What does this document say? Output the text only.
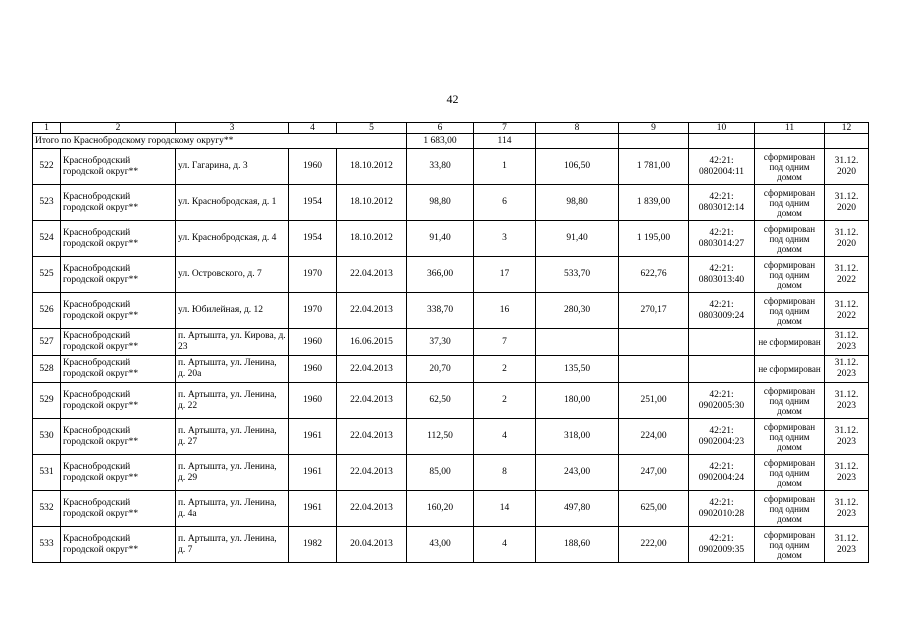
42
1	2	3	4	5	6	7	8	9	10	11	12
Итого по Краснобродскому городскому округу**					1 683,00	114					
522	Краснобродский городской округ**	ул. Гагарина, д. 3	1960	18.10.2012	33,80	1	106,50	1 781,00	42:21: 0802004:11	сформирован под одним домом	31.12. 2020
523	Краснобродский городской округ**	ул. Краснобродская, д. 1	1954	18.10.2012	98,80	6	98,80	1 839,00	42:21: 0803012:14	сформирован под одним домом	31.12. 2020
524	Краснобродский городской округ**	ул. Краснобродская, д. 4	1954	18.10.2012	91,40	3	91,40	1 195,00	42:21: 0803014:27	сформирован под одним домом	31.12. 2020
525	Краснобродский городской округ**	ул. Островского, д. 7	1970	22.04.2013	366,00	17	533,70	622,76	42:21: 0803013:40	сформирован под одним домом	31.12. 2022
526	Краснобродский городской округ**	ул. Юбилейная, д. 12	1970	22.04.2013	338,70	16	280,30	270,17	42:21: 0803009:24	сформирован под одним домом	31.12. 2022
527	Краснобродский городской округ**	п. Артышта, ул. Кирова, д. 23	1960	16.06.2015	37,30	7				не сформирован	31.12. 2023
528	Краснобродский городской округ**	п. Артышта, ул. Ленина, д. 20а	1960	22.04.2013	20,70	2	135,50			не сформирован	31.12. 2023
529	Краснобродский городской округ**	п. Артышта, ул. Ленина, д. 22	1960	22.04.2013	62,50	2	180,00	251,00	42:21: 0902005:30	сформирован под одним домом	31.12. 2023
530	Краснобродский городской округ**	п. Артышта, ул. Ленина, д. 27	1961	22.04.2013	112,50	4	318,00	224,00	42:21: 0902004:23	сформирован под одним домом	31.12. 2023
531	Краснобродский городской округ**	п. Артышта, ул. Ленина, д. 29	1961	22.04.2013	85,00	8	243,00	247,00	42:21: 0902004:24	сформирован под одним домом	31.12. 2023
532	Краснобродский городской округ**	п. Артышта, ул. Ленина, д. 4а	1961	22.04.2013	160,20	14	497,80	625,00	42:21: 0902010:28	сформирован под одним домом	31.12. 2023
533	Краснобродский городской округ**	п. Артышта, ул. Ленина, д. 7	1982	20.04.2013	43,00	4	188,60	222,00	42:21: 0902009:35	сформирован под одним домом	31.12. 2023
